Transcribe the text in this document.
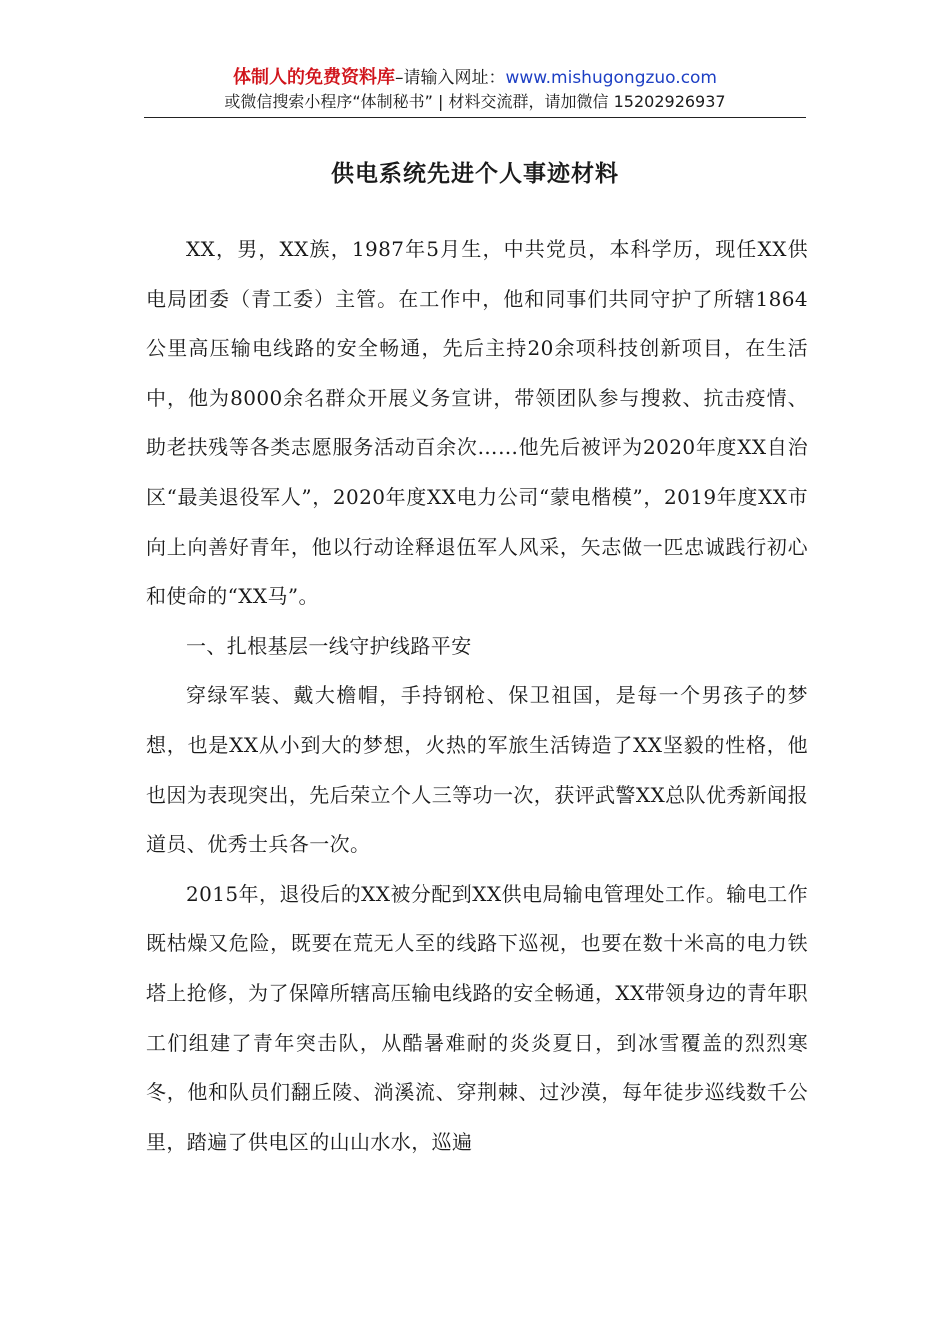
体制人的免费资料库–请输入网址：www.mishugongzuo.com
或微信搜索小程序“体制秘书” | 材料交流群，请加微信 15202926937
供电系统先进个人事迹材料

XX，男，XX族，1987年5月生，中共党员，本科学历，现任XX供电局团委（青工委）主管。在工作中，他和同事们共同守护了所辖1864公里高压输电线路的安全畅通，先后主持20余项科技创新项目，在生活中，他为8000余名群众开展义务宣讲，带领团队参与搜救、抗击疫情、助老扶残等各类志愿服务活动百余次……他先后被评为2020年度XX自治区“最美退役军人”，2020年度XX电力公司“蒙电楷模”，2019年度XX市向上向善好青年，他以行动诠释退伍军人风采，矢志做一匹忠诚践行初心和使命的“XX马”。

一、扎根基层一线守护线路平安

穿绿军装、戴大檐帽，手持钢枪、保卫祖国，是每一个男孩子的梦想，也是XX从小到大的梦想，火热的军旅生活铸造了XX坚毅的性格，他也因为表现突出，先后荣立个人三等功一次，获评武警XX总队优秀新闻报道员、优秀士兵各一次。

2015年，退役后的XX被分配到XX供电局输电管理处工作。输电工作既枯燥又危险，既要在荒无人至的线路下巡视，也要在数十米高的电力铁塔上抢修，为了保障所辖高压输电线路的安全畅通，XX带领身边的青年职工们组建了青年突击队，从酷暑难耐的炎炎夏日，到冰雪覆盖的烈烈寒冬，他和队员们翻丘陵、淌溪流、穿荆棘、过沙漠，每年徒步巡线数千公里，踏遍了供电区的山山水水，巡遍
